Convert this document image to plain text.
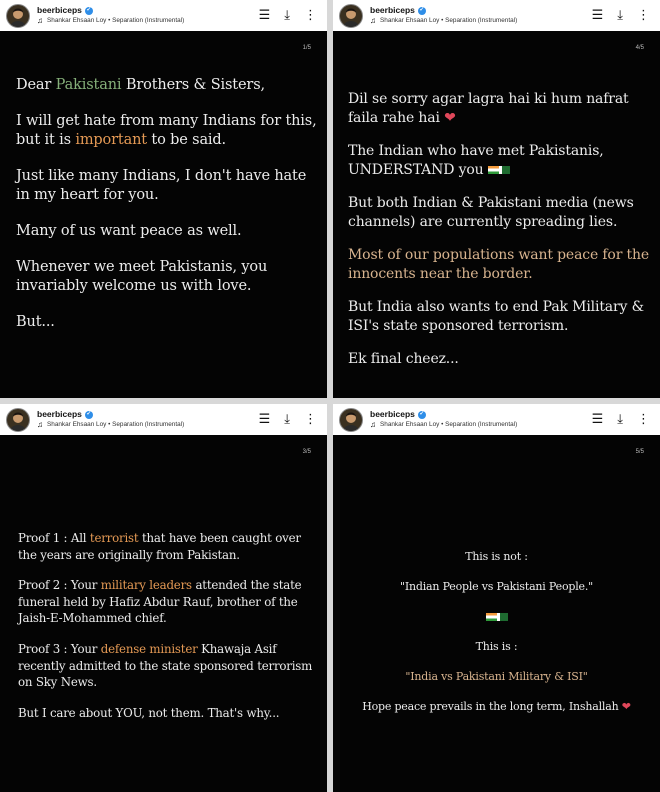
beerbiceps ✓
♫ Shankar Ehsaan Loy • Separation (Instrumental)	☰ ⤓ ⋮
1/5

Dear Pakistani Brothers & Sisters,

I will get hate from many Indians for this, but it is important to be said.

Just like many Indians, I don't have hate in my heart for you.

Many of us want peace as well.

Whenever we meet Pakistanis, you invariably welcome us with love.

But...

beerbiceps ✓
♫ Shankar Ehsaan Loy • Separation (Instrumental)	☰ ⤓ ⋮
4/5

Dil se sorry agar lagra hai ki hum nafrat faila rahe hai ❤

The Indian who have met Pakistanis, UNDERSTAND you

But both Indian & Pakistani media (news channels) are currently spreading lies.

Most of our populations want peace for the innocents near the border.

But India also wants to end Pak Military & ISI's state sponsored terrorism.

Ek final cheez...

beerbiceps ✓
♫ Shankar Ehsaan Loy • Separation (Instrumental)	☰ ⤓ ⋮
3/5

Proof 1 : All terrorist that have been caught over the years are originally from Pakistan.

Proof 2 : Your military leaders attended the state funeral held by Hafiz Abdur Rauf, brother of the Jaish-E-Mohammed chief.

Proof 3 : Your defense minister Khawaja Asif recently admitted to the state sponsored terrorism on Sky News.

But I care about YOU, not them. That's why...

beerbiceps ✓
♫ Shankar Ehsaan Loy • Separation (Instrumental)	☰ ⤓ ⋮
5/5
This is not :
"Indian People vs Pakistani People."
This is :
"India vs Pakistani Military & ISI"
Hope peace prevails in the long term, Inshallah ❤
